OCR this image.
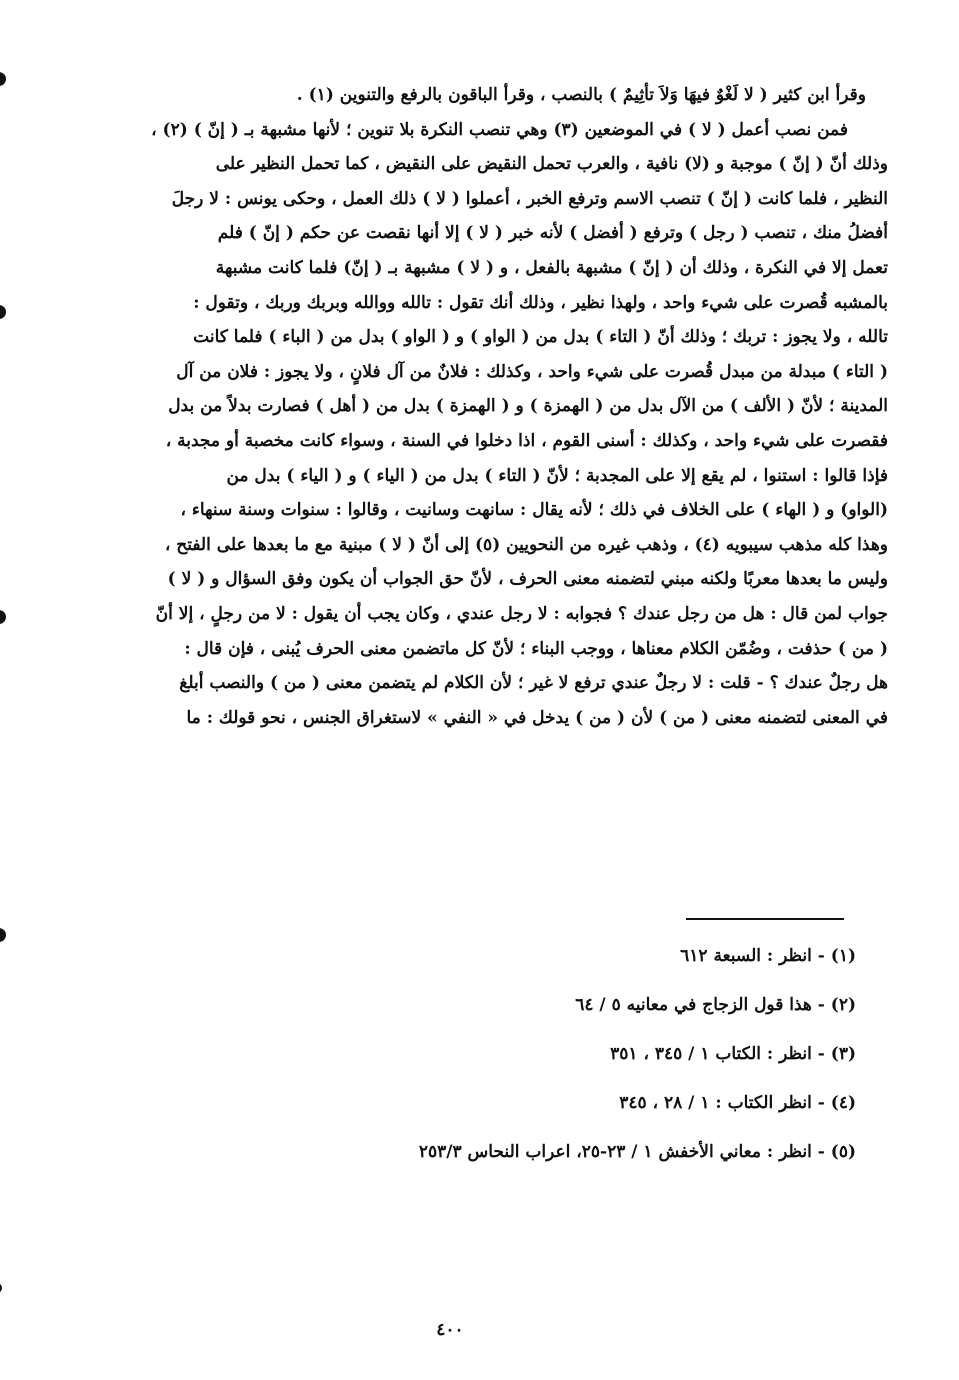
وقرأ ابن كثير ( لا لَغْوٌ فيهَا وَلاَ تأثِيمٌ ) بالنصب ، وقرأ الباقون بالرفع والتنوين (١) .
فمن نصب أعمل ( لا ) في الموضعين (٣) وهي تنصب النكرة بلا تنوين ؛ لأنها مشبهة بـ ( إنّ ) (٢) ،
وذلك أنّ ( إنّ ) موجبة و (لا) نافية ، والعرب تحمل النقيض على النقيض ، كما تحمل النظير على
النظير ، فلما كانت ( إنّ ) تنصب الاسم وترفع الخبر ، أعملوا ( لا ) ذلك العمل ، وحكى يونس : لا رجلَ
أفضلُ منك ، تنصب ( رجل ) وترفع ( أفضل ) لأنه خبر ( لا ) إلا أنها نقصت عن حكم ( إنّ ) فلم
تعمل إلا في النكرة ، وذلك أن ( إنّ ) مشبهة بالفعل ، و ( لا ) مشبهة بـ ( إنّ) فلما كانت مشبهة
بالمشبه قُصرت على شيء واحد ، ولهذا نظير ، وذلك أنك تقول : تالله ووالله وبربك وربك ، وتقول :
تالله ، ولا يجوز : تربك ؛ وذلك أنّ ( التاء ) بدل من ( الواو ) و ( الواو ) بدل من ( الباء ) فلما كانت
( التاء ) مبدلة من مبدل قُصرت على شيء واحد ، وكذلك : فلانٌ من آل فلانٍ ، ولا يجوز : فلان من آل
المدينة ؛ لأنّ ( الألف ) من الآل بدل من ( الهمزة ) و ( الهمزة ) بدل من ( أهل ) فصارت بدلاً من بدل
فقصرت على شيء واحد ، وكذلك : أسنى القوم ، اذا دخلوا في السنة ، وسواء كانت مخصبة أو مجدبة ،
فإذا قالوا : استنوا ، لم يقع إلا على المجدبة ؛ لأنّ ( التاء ) بدل من ( الياء ) و ( الياء ) بدل من
(الواو) و ( الهاء ) على الخلاف في ذلك ؛ لأنه يقال : سانهت وسانيت ، وقالوا : سنوات وسنة سنهاء ،
وهذا كله مذهب سيبويه (٤) ، وذهب غيره من النحويين (٥) إلى أنّ ( لا ) مبنية مع ما بعدها على الفتح ،
وليس ما بعدها معربًا ولكنه مبني لتضمنه معنى الحرف ، لأنّ حق الجواب أن يكون وفق السؤال و ( لا )
جواب لمن قال : هل من رجل عندك ؟ فجوابه : لا رجل عندي ، وكان يجب أن يقول : لا من رجلٍ ، إلا أنّ
( من ) حذفت ، وضُمّن الكلام معناها ، ووجب البناء ؛ لأنّ كل ماتضمن معنى الحرف يُبنى ، فإن قال :
هل رجلٌ عندك ؟ - قلت : لا رجلٌ عندي ترفع لا غير ؛ لأن الكلام لم يتضمن معنى ( من ) والنصب أبلغ
في المعنى لتضمنه معنى ( من ) لأن ( من ) يدخل في « النفي » لاستغراق الجنس ، نحو قولك : ما
(١) - انظر : السبعة ٦١٢
(٢) - هذا قول الزجاج في معانيه ٥ / ٦٤
(٣) - انظر : الكتاب ١ / ٣٤٥ ، ٣٥١
(٤) - انظر الكتاب : ١ / ٢٨ ، ٣٤٥
(٥) - انظر : معاني الأخفش ١ / ٢٣-٢٥، اعراب النحاس ٢٥٣/٣
٤٠٠
